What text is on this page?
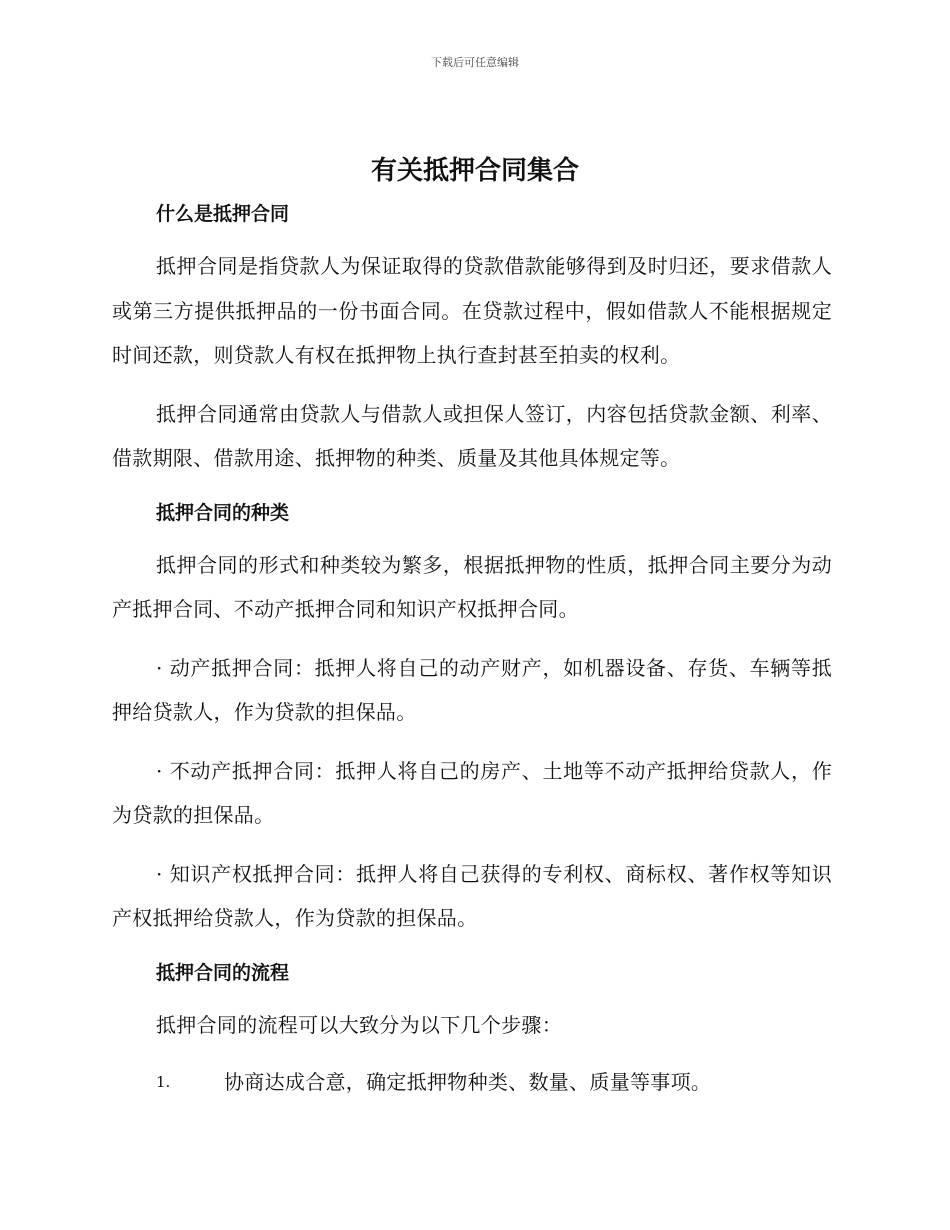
下载后可任意编辑
有关抵押合同集合
什么是抵押合同

抵押合同是指贷款人为保证取得的贷款借款能够得到及时归还，要求借款人或第三方提供抵押品的一份书面合同。在贷款过程中，假如借款人不能根据规定时间还款，则贷款人有权在抵押物上执行查封甚至拍卖的权利。

抵押合同通常由贷款人与借款人或担保人签订，内容包括贷款金额、利率、借款期限、借款用途、抵押物的种类、质量及其他具体规定等。

抵押合同的种类

抵押合同的形式和种类较为繁多，根据抵押物的性质，抵押合同主要分为动产抵押合同、不动产抵押合同和知识产权抵押合同。

· 动产抵押合同：抵押人将自己的动产财产，如机器设备、存货、车辆等抵押给贷款人，作为贷款的担保品。

· 不动产抵押合同：抵押人将自己的房产、土地等不动产抵押给贷款人，作为贷款的担保品。

· 知识产权抵押合同：抵押人将自己获得的专利权、商标权、著作权等知识产权抵押给贷款人，作为贷款的担保品。

抵押合同的流程

抵押合同的流程可以大致分为以下几个步骤：

1.	协商达成合意，确定抵押物种类、数量、质量等事项。
